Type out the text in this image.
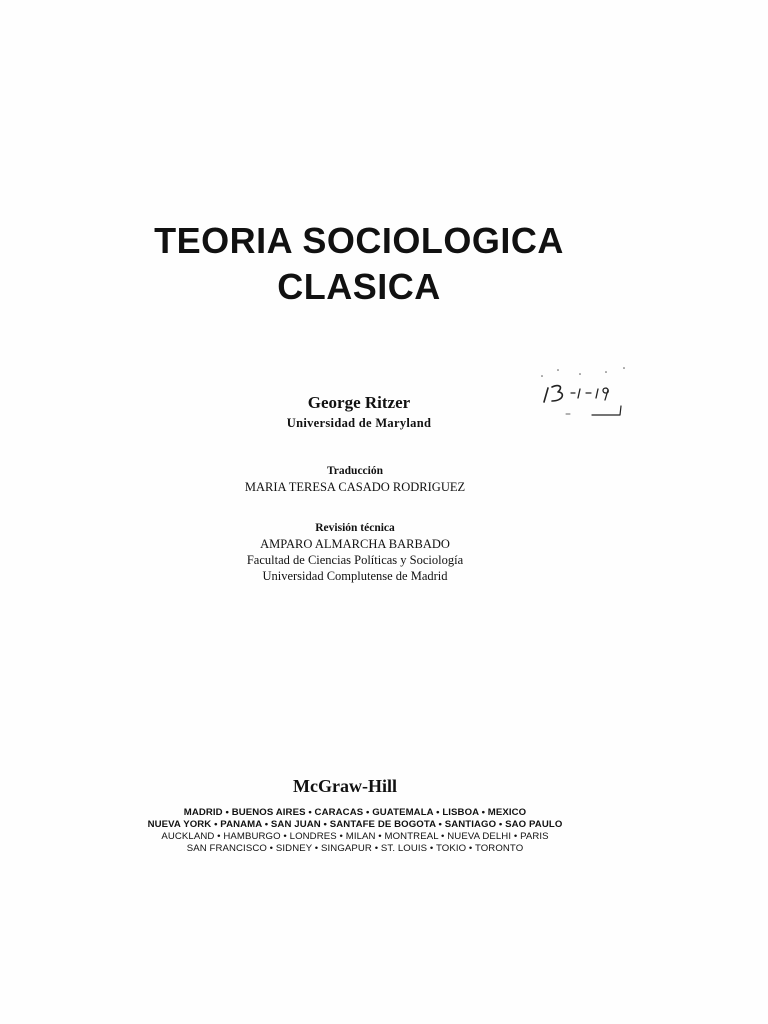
TEORIA SOCIOLOGICA
CLASICA
George Ritzer
Universidad de Maryland
Traducción
MARIA TERESA CASADO RODRIGUEZ
Revisión técnica
AMPARO ALMARCHA BARBADO
Facultad de Ciencias Políticas y Sociología
Universidad Complutense de Madrid
McGraw-Hill
MADRID • BUENOS AIRES • CARACAS • GUATEMALA • LISBOA • MEXICO
NUEVA YORK • PANAMA • SAN JUAN • SANTAFE DE BOGOTA • SANTIAGO • SAO PAULO
AUCKLAND • HAMBURGO • LONDRES • MILAN • MONTREAL • NUEVA DELHI • PARIS
SAN FRANCISCO • SIDNEY • SINGAPUR • ST. LOUIS • TOKIO • TORONTO
